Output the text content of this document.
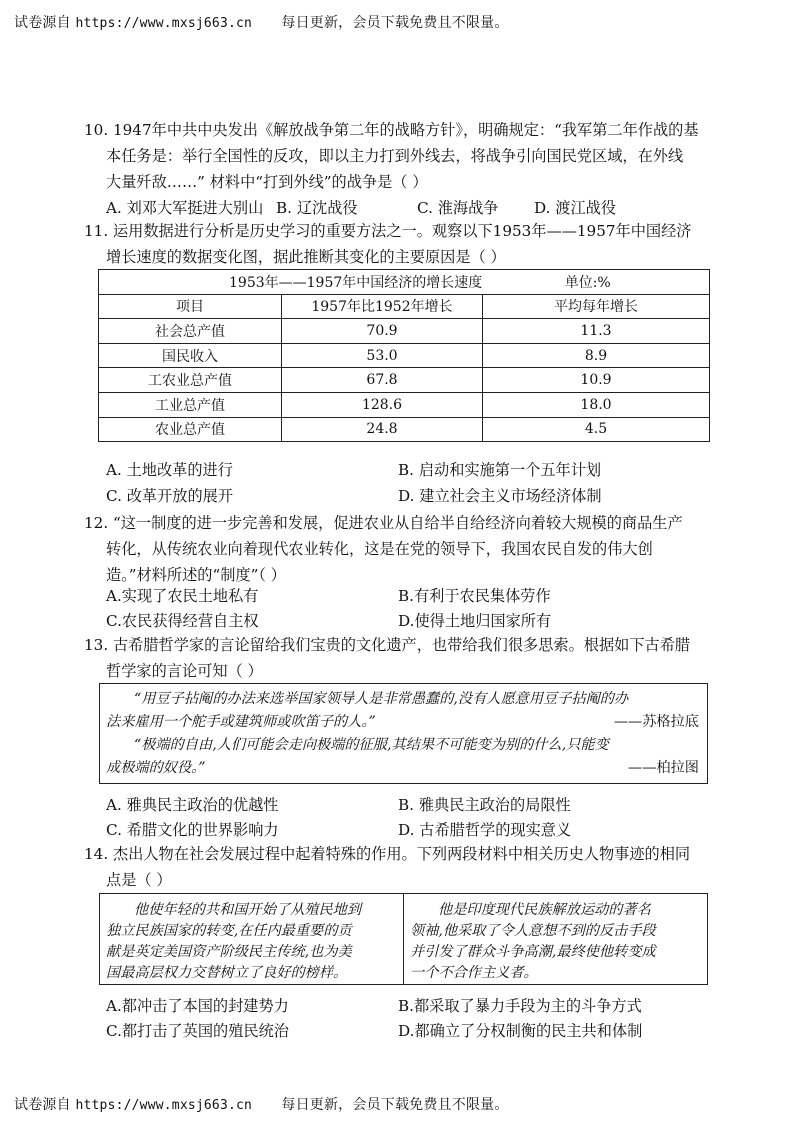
试卷源自 https://www.mxsj663.cn 每日更新，会员下载免费且不限量。
10. 1947年中共中央发出《解放战争第二年的战略方针》，明确规定：“我军第二年作战的基
本任务是：举行全国性的反攻，即以主力打到外线去，将战争引向国民党区域，在外线
大量歼敌……” 材料中“打到外线”的战争是（ ）
A. 刘邓大军挺进大别山 B. 辽沈战役	C. 淮海战争	D. 渡江战役
11. 运用数据进行分析是历史学习的重要方法之一。观察以下1953年——1957年中国经济
增长速度的数据变化图，据此推断其变化的主要原因是（ ）
1953年——1957年中国经济的增长速度 单位:%		
项目	1957年比1952年增长	平均每年增长
社会总产值	70.9	11.3
国民收入	53.0	8.9
工农业总产值	67.8	10.9
工业总产值	128.6	18.0
农业总产值	24.8	4.5
A. 土地改革的进行	B. 启动和实施第一个五年计划
C. 改革开放的展开	D. 建立社会主义市场经济体制
12. “这一制度的进一步完善和发展，促进农业从自给半自给经济向着较大规模的商品生产
转化，从传统农业向着现代农业转化，这是在党的领导下，我国农民自发的伟大创
造。”材料所述的“制度”（ ）
A.实现了农民土地私有	B.有利于农民集体劳作
C.农民获得经营自主权	D.使得土地归国家所有
13. 古希腊哲学家的言论留给我们宝贵的文化遗产，也带给我们很多思索。根据如下古希腊
哲学家的言论可知（ ）
“用豆子拈阄的办法来选举国家领导人是非常愚蠢的,没有人愿意用豆子拈阄的办
法来雇用一个舵手或建筑师或吹笛子的人。”	——苏格拉底
“极端的自由,人们可能会走向极端的征服,其结果不可能变为别的什么,只能变
成极端的奴役。”	——柏拉图
A. 雅典民主政治的优越性	B. 雅典民主政治的局限性
C. 希腊文化的世界影响力	D. 古希腊哲学的现实意义
14. 杰出人物在社会发展过程中起着特殊的作用。下列两段材料中相关历史人物事迹的相同
点是（ ）
他使年轻的共和国开始了从殖民地到
独立民族国家的转变,在任内最重要的贡
献是英定美国资产阶级民主传统,也为美
国最高层权力交替树立了良好的榜样。
他是印度现代民族解放运动的著名
领袖,他采取了令人意想不到的反击手段
并引发了群众斗争高潮,最终使他转变成
一个不合作主义者。
A.都冲击了本国的封建势力	B.都采取了暴力手段为主的斗争方式
C.都打击了英国的殖民统治	D.都确立了分权制衡的民主共和体制
试卷源自 https://www.mxsj663.cn 每日更新，会员下载免费且不限量。
